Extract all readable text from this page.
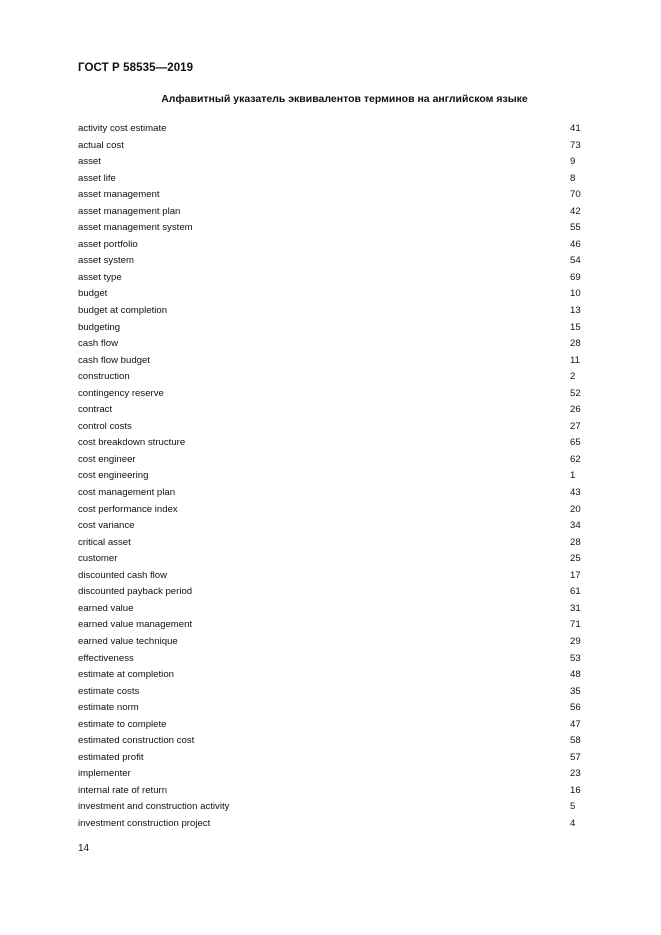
ГОСТ Р 58535—2019
Алфавитный указатель эквивалентов терминов на английском языке
activity cost estimate	41
actual cost	73
asset	9
asset life	8
asset management	70
asset management plan	42
asset management system	55
asset portfolio	46
asset system	54
asset type	69
budget	10
budget at completion	13
budgeting	15
cash flow	28
cash flow budget	11
construction	2
contingency reserve	52
contract	26
control costs	27
cost breakdown structure	65
cost engineer	62
cost engineering	1
cost management plan	43
cost performance index	20
cost variance	34
critical asset	28
customer	25
discounted cash flow	17
discounted payback period	61
earned value	31
earned value management	71
earned value technique	29
effectiveness	53
estimate at completion	48
estimate costs	35
estimate norm	56
estimate to complete	47
estimated construction cost	58
estimated profit	57
implementer	23
internal rate of return	16
investment and construction activity	5
investment construction project	4
14
